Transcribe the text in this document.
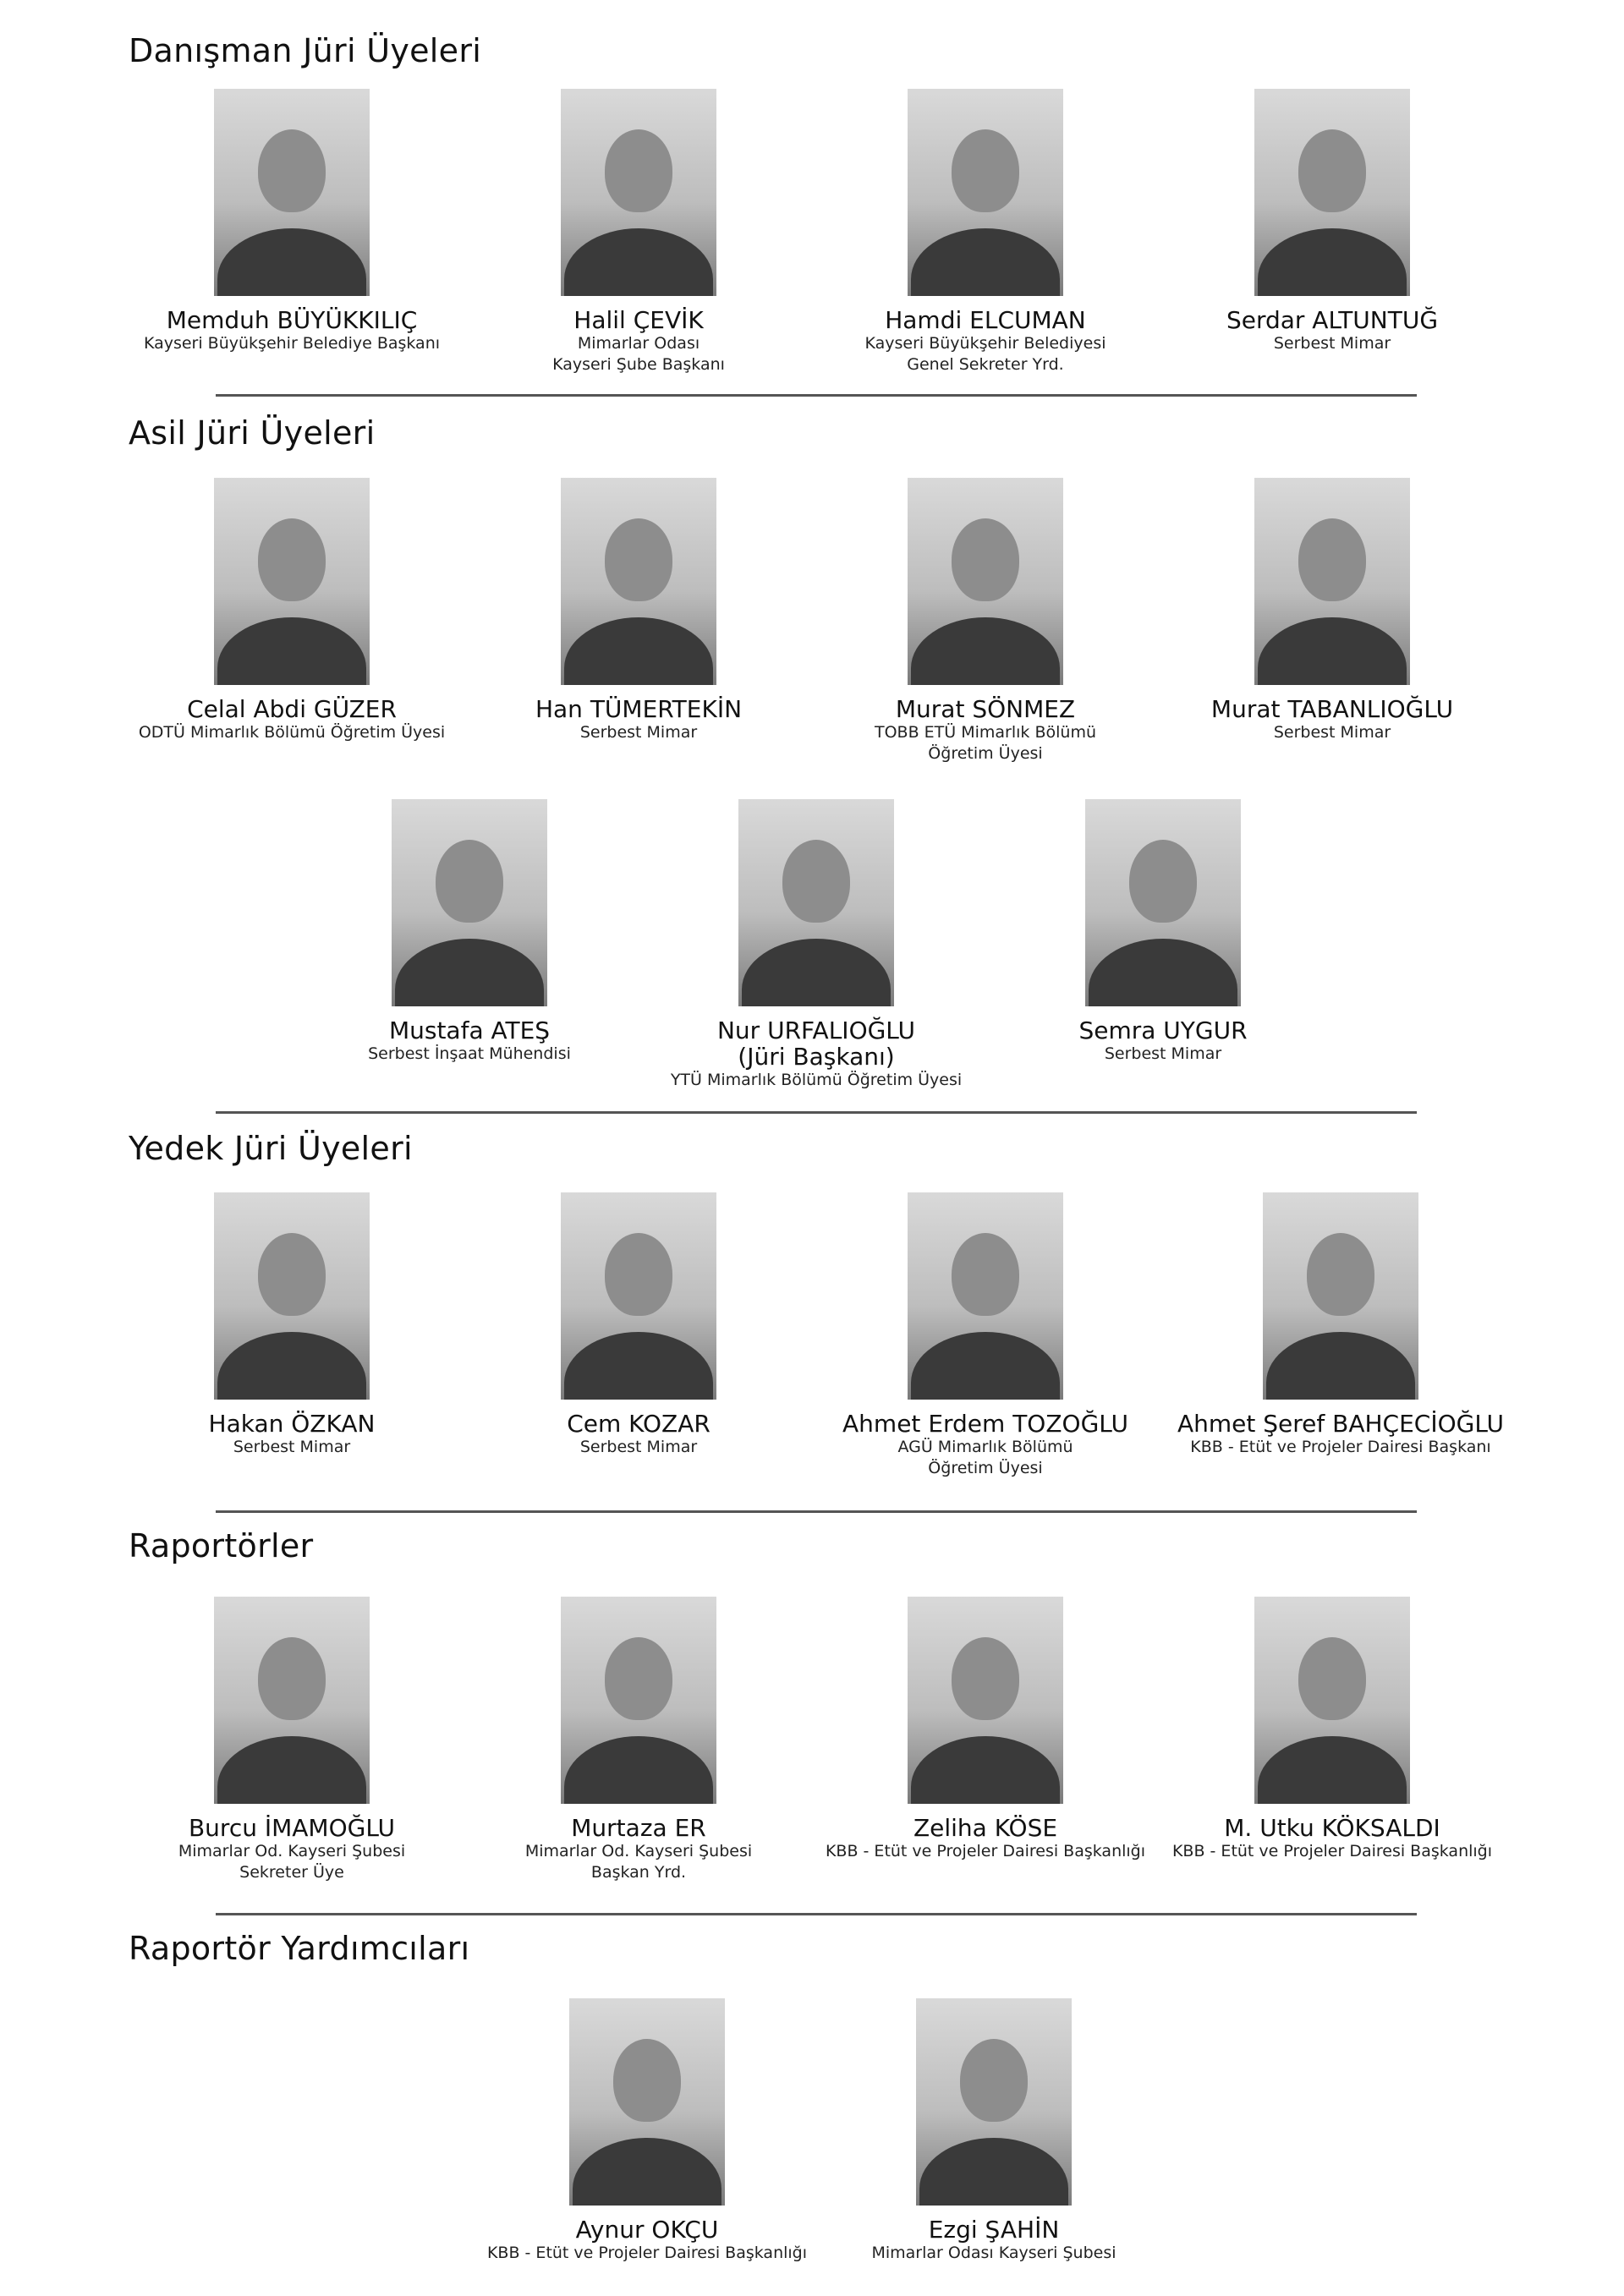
Danışman Jüri Üyeleri
Memduh BÜYÜKKILIÇ
Kayseri Büyükşehir Belediye Başkanı
Halil ÇEVİK
Mimarlar Odası
Kayseri Şube Başkanı
Hamdi ELCUMAN
Kayseri Büyükşehir Belediyesi
Genel Sekreter Yrd.
Serdar ALTUNTUĞ
Serbest Mimar
Asil Jüri Üyeleri
Celal Abdi GÜZER
ODTÜ Mimarlık Bölümü Öğretim Üyesi
Han TÜMERTEKİN
Serbest Mimar
Murat SÖNMEZ
TOBB ETÜ Mimarlık Bölümü
Öğretim Üyesi
Murat TABANLIOĞLU
Serbest Mimar
Mustafa ATEŞ
Serbest İnşaat Mühendisi
Nur URFALIOĞLU
(Jüri Başkanı)
YTÜ Mimarlık Bölümü Öğretim Üyesi
Semra UYGUR
Serbest Mimar
Yedek Jüri Üyeleri
Hakan ÖZKAN
Serbest Mimar
Cem KOZAR
Serbest Mimar
Ahmet Erdem TOZOĞLU
AGÜ Mimarlık Bölümü
Öğretim Üyesi
Ahmet Şeref BAHÇECİOĞLU
KBB - Etüt ve Projeler Dairesi Başkanı
Raportörler
Burcu İMAMOĞLU
Mimarlar Od. Kayseri Şubesi
Sekreter Üye
Murtaza ER
Mimarlar Od. Kayseri Şubesi
Başkan Yrd.
Zeliha KÖSE
KBB - Etüt ve Projeler Dairesi Başkanlığı
M. Utku KÖKSALDI
KBB - Etüt ve Projeler Dairesi Başkanlığı
Raportör Yardımcıları
Aynur OKÇU
KBB - Etüt ve Projeler Dairesi Başkanlığı
Ezgi ŞAHİN
Mimarlar Odası Kayseri Şubesi
